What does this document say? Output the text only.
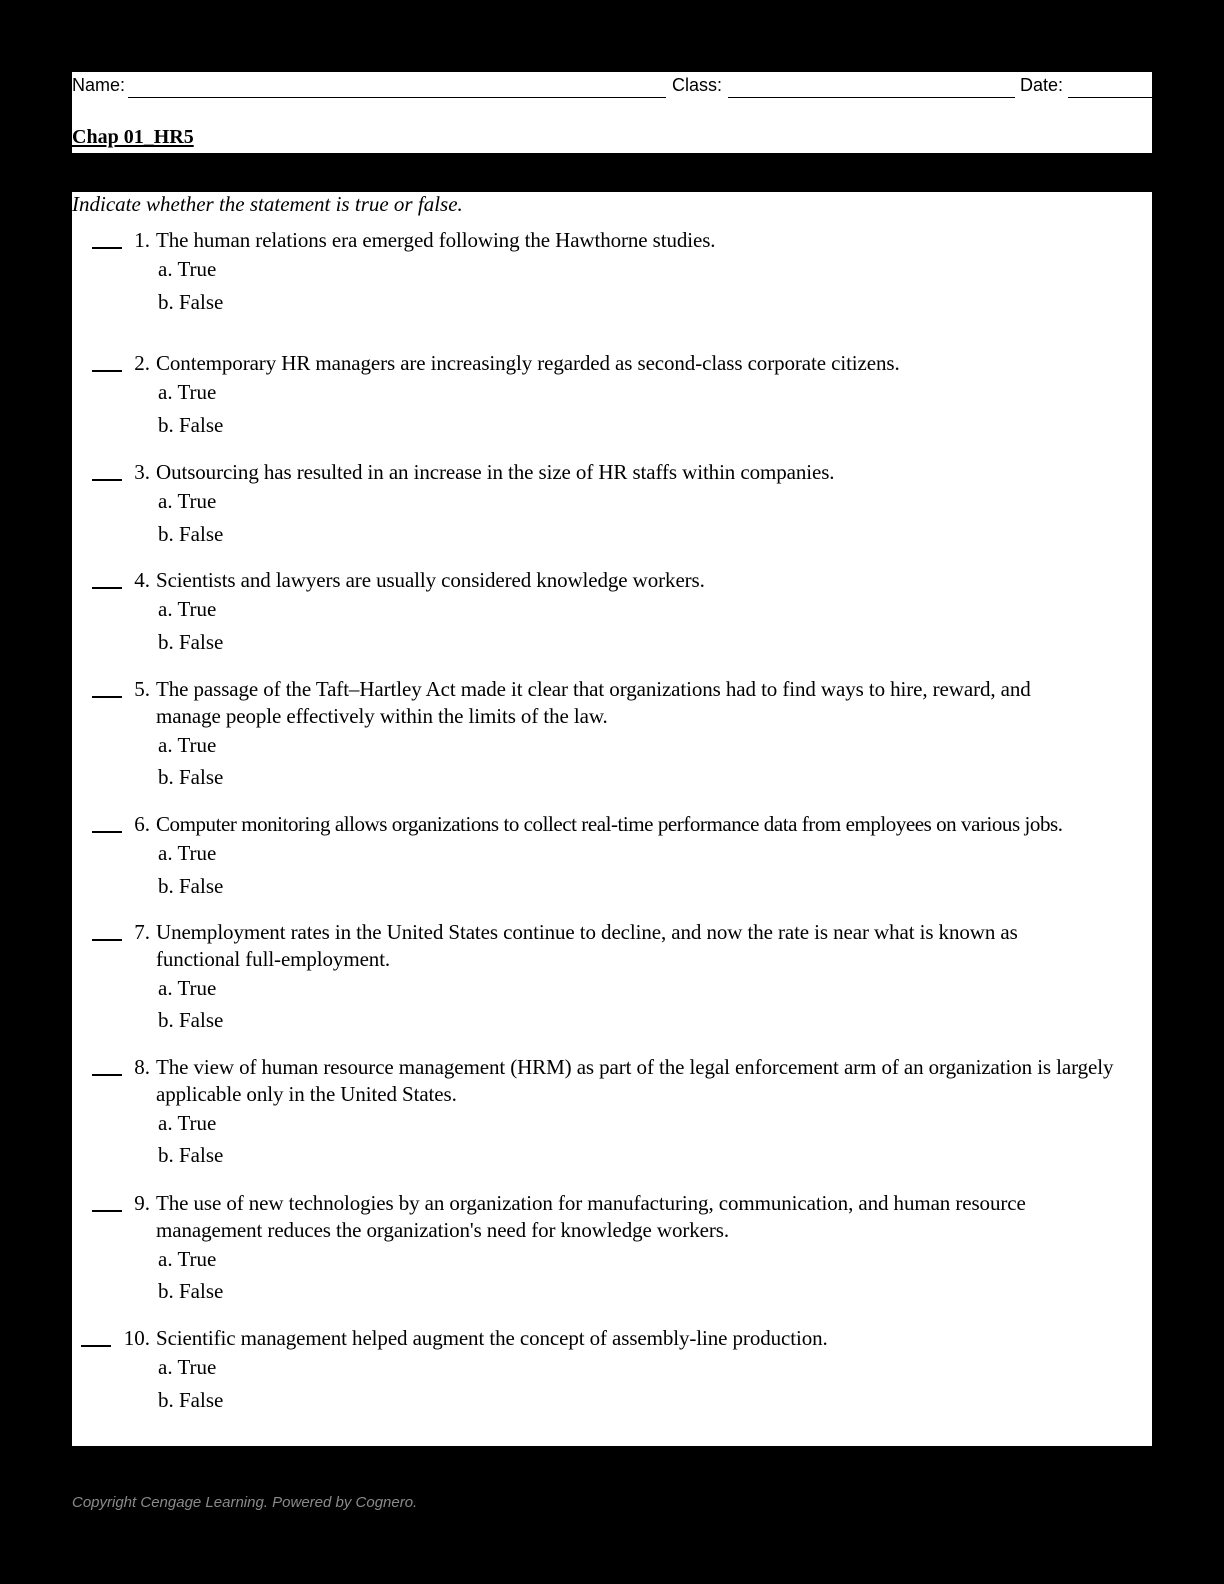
Name:	Class:	Date:
Chap 01_HR5
Indicate whether the statement is true or false.
1. The human relations era emerged following the Hawthorne studies.
a. True
b. False
2. Contemporary HR managers are increasingly regarded as second-class corporate citizens.
a. True
b. False
3. Outsourcing has resulted in an increase in the size of HR staffs within companies.
a. True
b. False
4. Scientists and lawyers are usually considered knowledge workers.
a. True
b. False
5. The passage of the Taft–Hartley Act made it clear that organizations had to find ways to hire, reward, and manage people effectively within the limits of the law.
a. True
b. False
6. Computer monitoring allows organizations to collect real-time performance data from employees on various jobs.
a. True
b. False
7. Unemployment rates in the United States continue to decline, and now the rate is near what is known as functional full-employment.
a. True
b. False
8. The view of human resource management (HRM) as part of the legal enforcement arm of an organization is largely applicable only in the United States.
a. True
b. False
9. The use of new technologies by an organization for manufacturing, communication, and human resource management reduces the organization's need for knowledge workers.
a. True
b. False
10. Scientific management helped augment the concept of assembly-line production.
a. True
b. False
Copyright Cengage Learning. Powered by Cognero.
